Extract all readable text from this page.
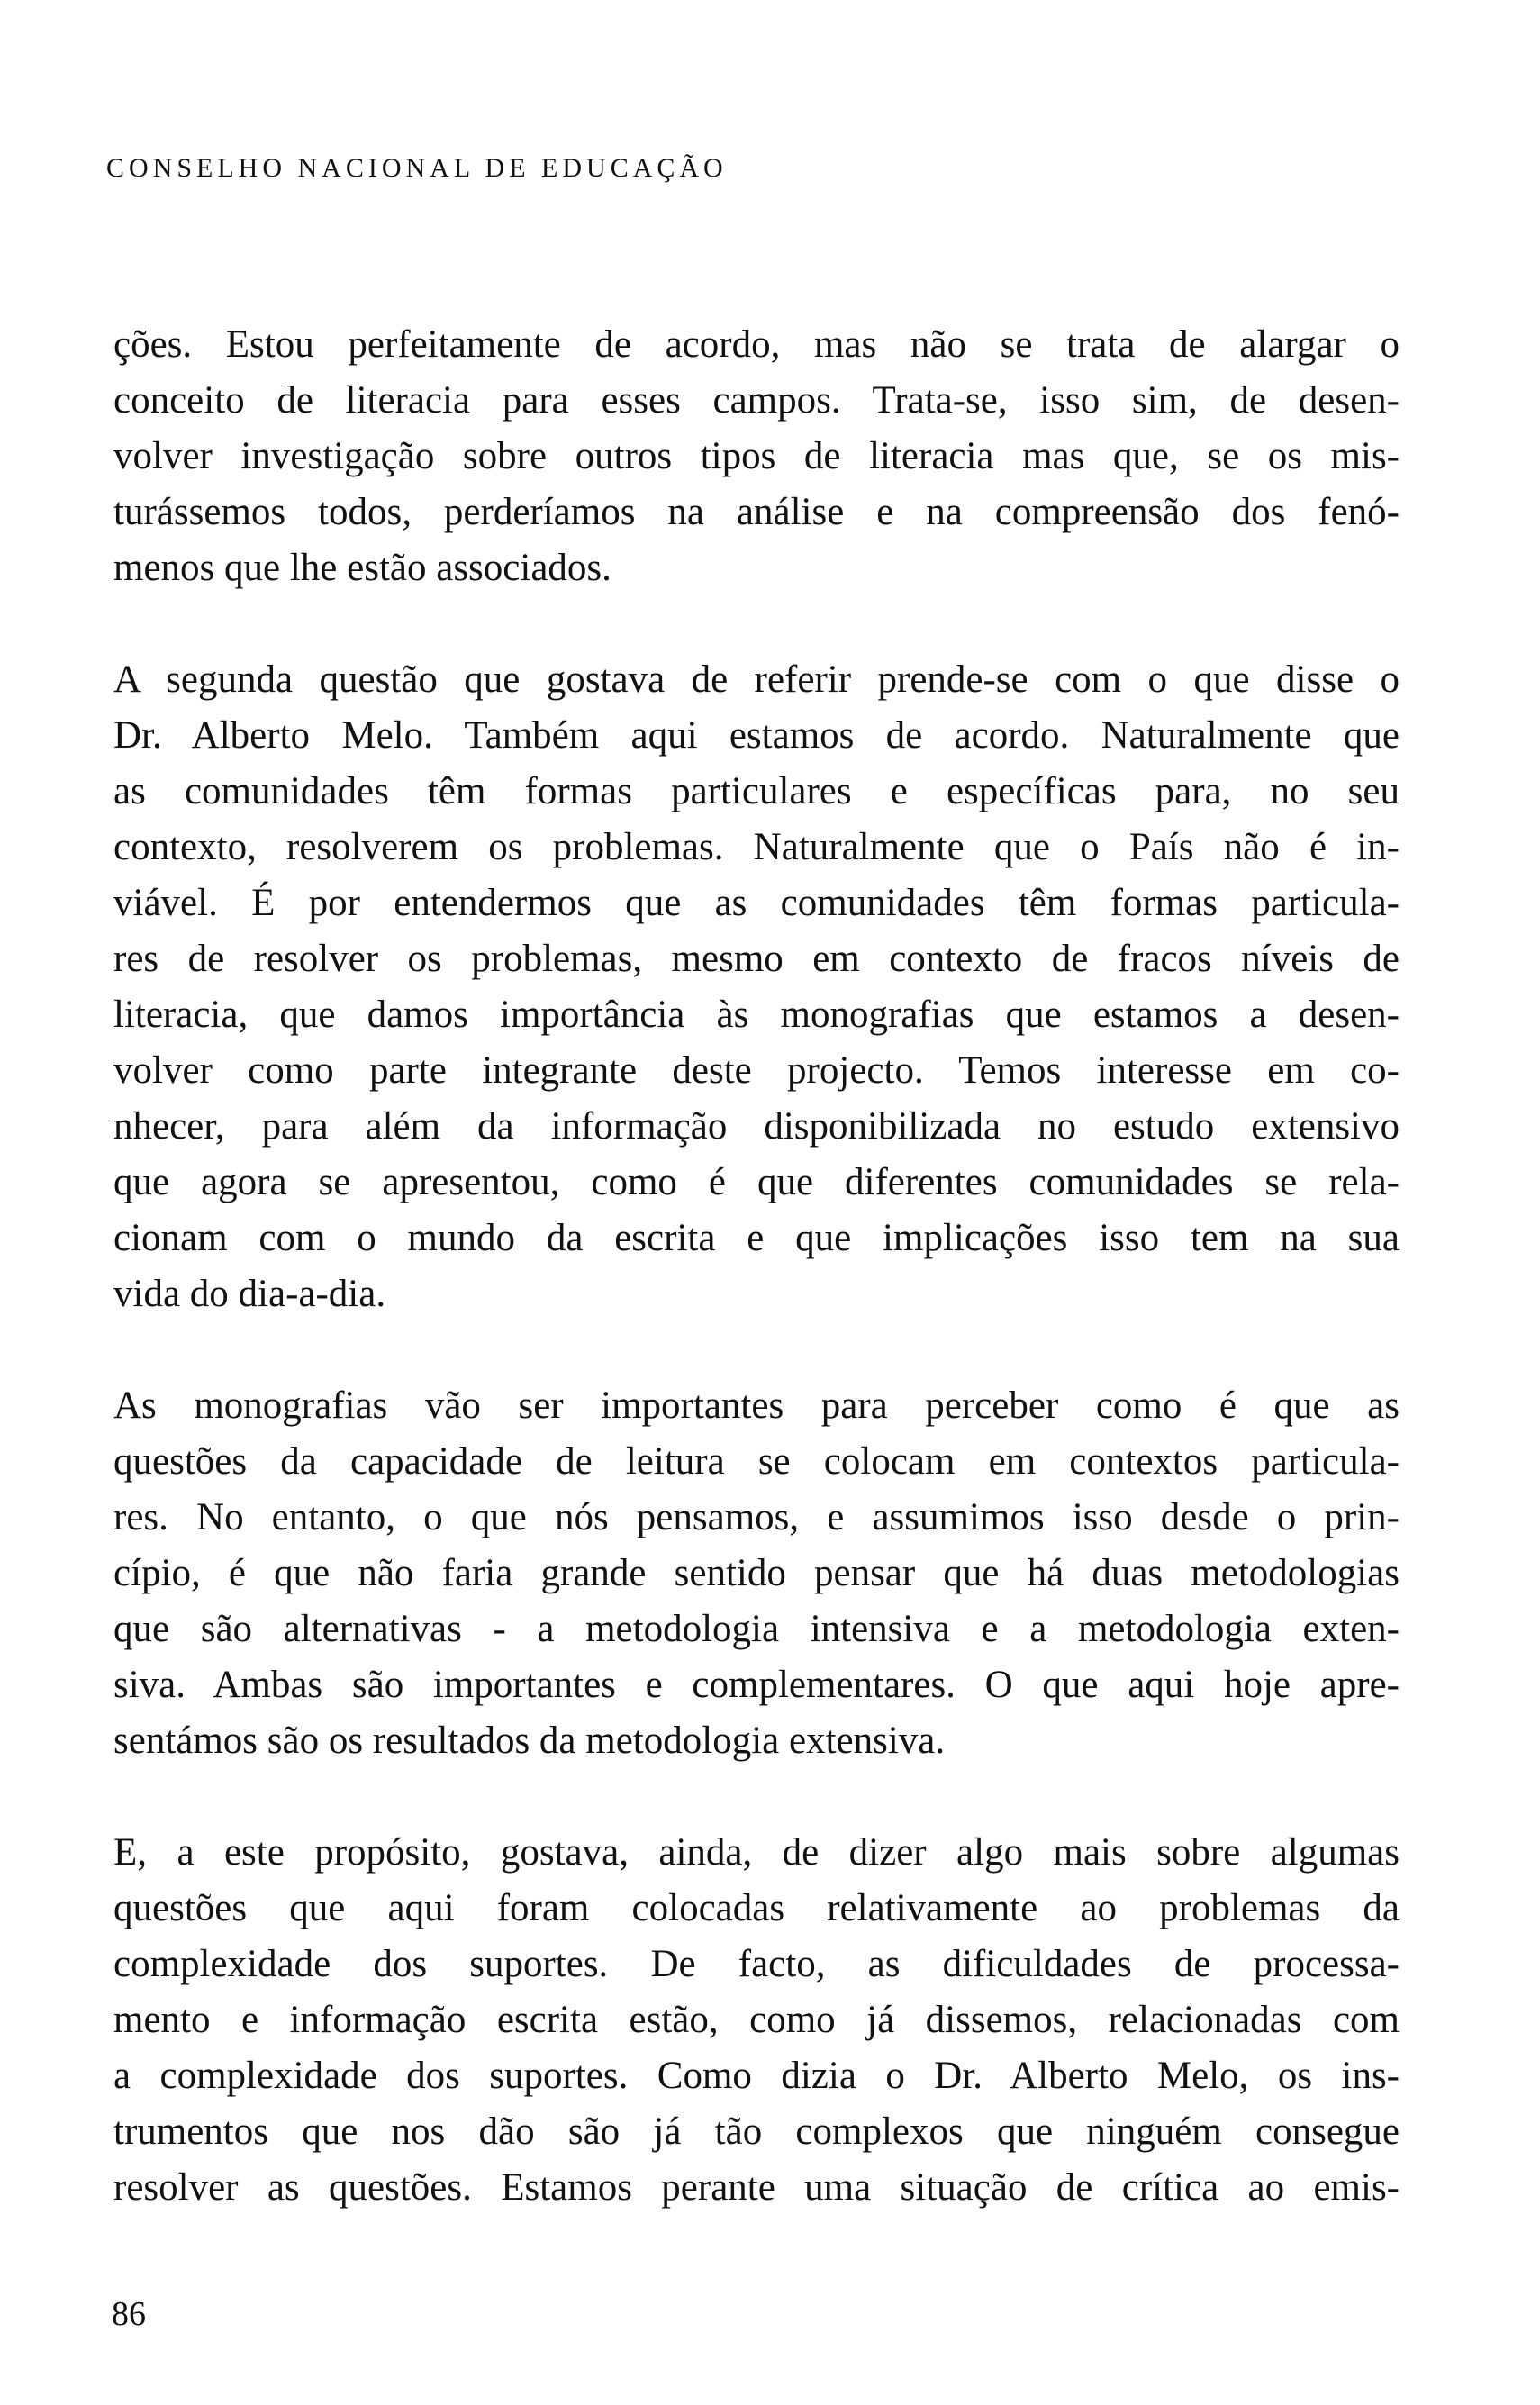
CONSELHO NACIONAL DE EDUCAÇÃO
ções. Estou perfeitamente de acordo, mas não se trata de alargar o
conceito de literacia para esses campos. Trata-se, isso sim, de desen-
volver investigação sobre outros tipos de literacia mas que, se os mis-
turássemos todos, perderíamos na análise e na compreensão dos fenó-
menos que lhe estão associados.
A segunda questão que gostava de referir prende-se com o que disse o
Dr. Alberto Melo. Também aqui estamos de acordo. Naturalmente que
as comunidades têm formas particulares e específicas para, no seu
contexto, resolverem os problemas. Naturalmente que o País não é in-
viável. É por entendermos que as comunidades têm formas particula-
res de resolver os problemas, mesmo em contexto de fracos níveis de
literacia, que damos importância às monografias que estamos a desen-
volver como parte integrante deste projecto. Temos interesse em co-
nhecer, para além da informação disponibilizada no estudo extensivo
que agora se apresentou, como é que diferentes comunidades se rela-
cionam com o mundo da escrita e que implicações isso tem na sua
vida do dia-a-dia.
As monografias vão ser importantes para perceber como é que as
questões da capacidade de leitura se colocam em contextos particula-
res. No entanto, o que nós pensamos, e assumimos isso desde o prin-
cípio, é que não faria grande sentido pensar que há duas metodologias
que são alternativas - a metodologia intensiva e a metodologia exten-
siva. Ambas são importantes e complementares. O que aqui hoje apre-
sentámos são os resultados da metodologia extensiva.
E, a este propósito, gostava, ainda, de dizer algo mais sobre algumas
questões que aqui foram colocadas relativamente ao problemas da
complexidade dos suportes. De facto, as dificuldades de processa-
mento e informação escrita estão, como já dissemos, relacionadas com
a complexidade dos suportes. Como dizia o Dr. Alberto Melo, os ins-
trumentos que nos dão são já tão complexos que ninguém consegue
resolver as questões. Estamos perante uma situação de crítica ao emis-
86
